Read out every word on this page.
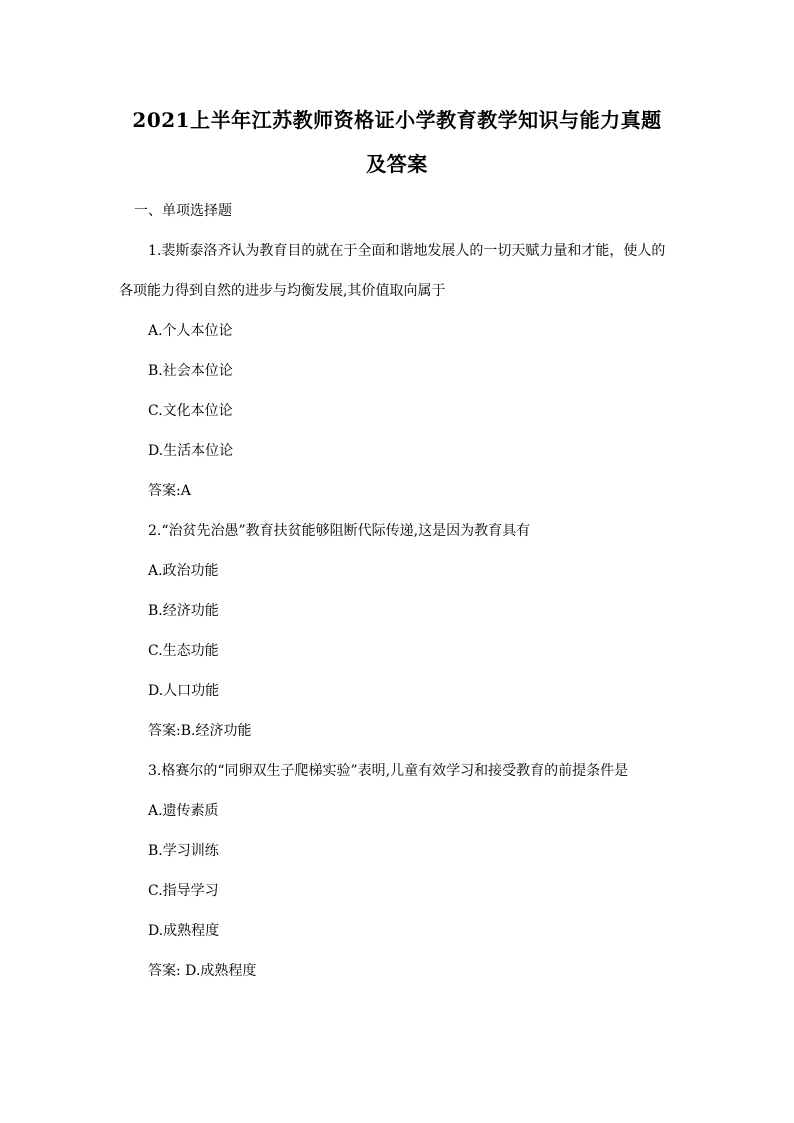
2021上半年江苏教师资格证小学教育教学知识与能力真题
及答案
一、单项选择题
1.裴斯泰洛齐认为教育目的就在于全面和谐地发展人的一切天赋力量和才能，使人的
各项能力得到自然的进步与均衡发展,其价值取向属于
A.个人本位论
B.社会本位论
C.文化本位论
D.生活本位论
答案:A
2.“治贫先治愚”教育扶贫能够阻断代际传递,这是因为教育具有
A.政治功能
B.经济功能
C.生态功能
D.人口功能
答案:B.经济功能
3.格赛尔的“同卵双生子爬梯实验”表明,儿童有效学习和接受教育的前提条件是
A.遗传素质
B.学习训练
C.指导学习
D.成熟程度
答案: D.成熟程度
